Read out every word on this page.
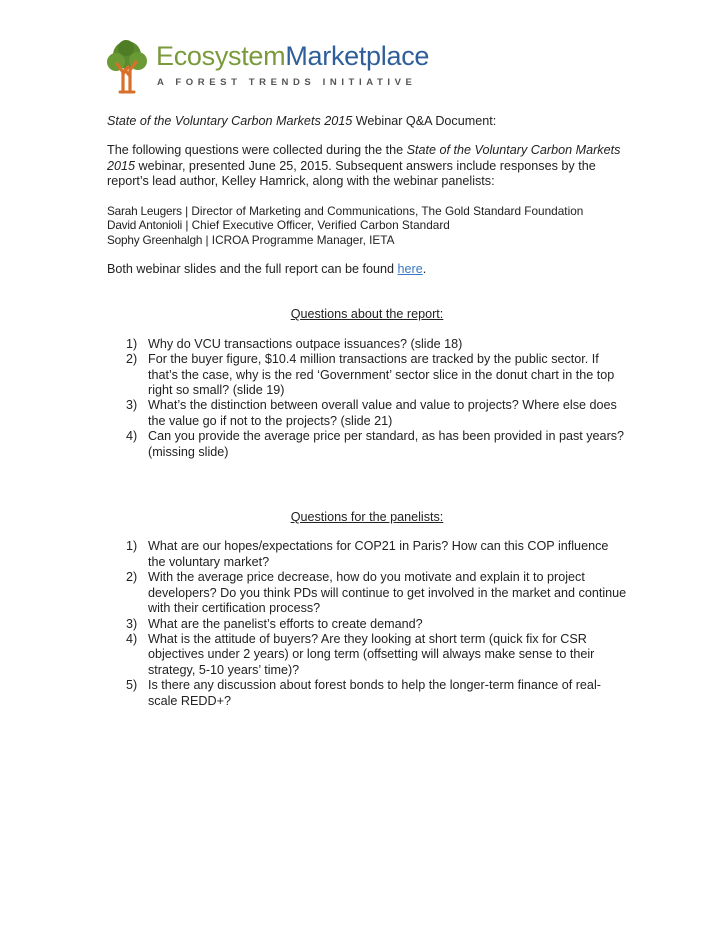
EcosystemMarketplace
A FOREST TRENDS INITIATIVE

State of the Voluntary Carbon Markets 2015 Webinar Q&A Document:

The following questions were collected during the the State of the Voluntary Carbon Markets 2015 webinar, presented June 25, 2015. Subsequent answers include responses by the report’s lead author, Kelley Hamrick, along with the webinar panelists:

Sarah Leugers | Director of Marketing and Communications, The Gold Standard Foundation
David Antonioli | Chief Executive Officer, Verified Carbon Standard
Sophy Greenhalgh | ICROA Programme Manager, IETA

Both webinar slides and the full report can be found here.

Questions about the report:
1) Why do VCU transactions outpace issuances? (slide 18)
2) For the buyer figure, $10.4 million transactions are tracked by the public sector. If that’s the case, why is the red ‘Government’ sector slice in the donut chart in the top right so small? (slide 19)
3) What’s the distinction between overall value and value to projects? Where else does the value go if not to the projects? (slide 21)
4) Can you provide the average price per standard, as has been provided in past years? (missing slide)
Questions for the panelists:
1) What are our hopes/expectations for COP21 in Paris? How can this COP influence the voluntary market?
2) With the average price decrease, how do you motivate and explain it to project developers? Do you think PDs will continue to get involved in the market and continue with their certification process?
3) What are the panelist’s efforts to create demand?
4) What is the attitude of buyers? Are they looking at short term (quick fix for CSR objectives under 2 years) or long term (offsetting will always make sense to their strategy, 5-10 years’ time)?
5) Is there any discussion about forest bonds to help the longer-term finance of real-scale REDD+?
